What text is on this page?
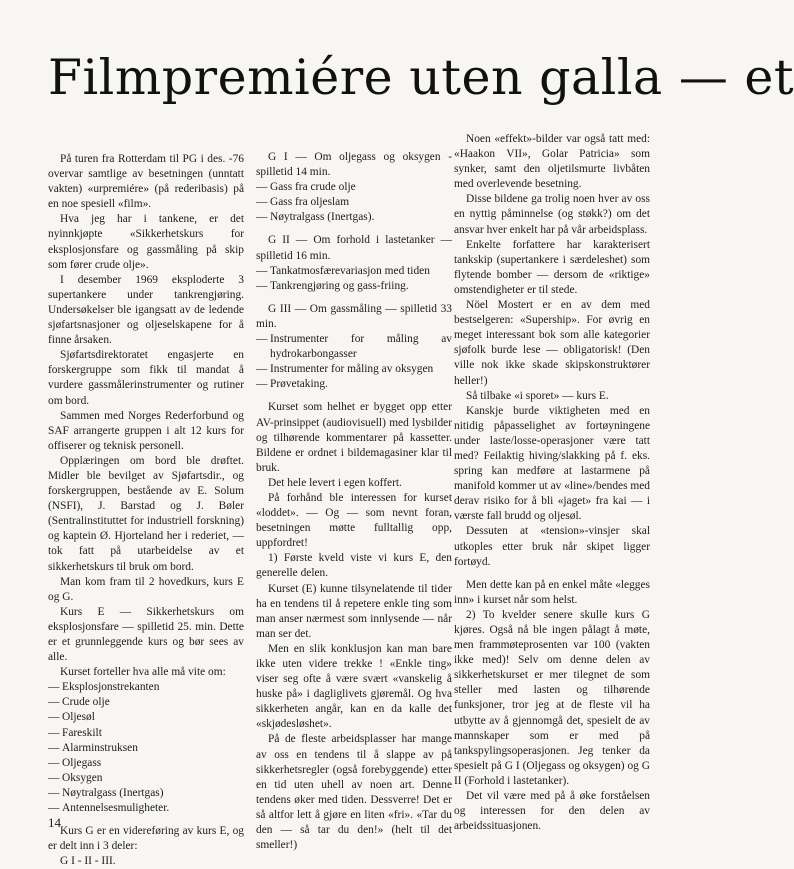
Filmpremiére uten galla — et

På turen fra Rotterdam til PG i des. -76 overvar samtlige av besetningen (unntatt vakten) «urpremiére» (på rederibasis) på en noe spesiell «film».

Hva jeg har i tankene, er det nyinnkjøpte «Sikkerhetskurs for eksplosjonsfare og gassmåling på skip som fører crude olje».

I desember 1969 eksploderte 3 supertankere under tankrengjøring. Undersøkelser ble igangsatt av de ledende sjøfartsnasjoner og oljeselskapene for å finne årsaken.

Sjøfartsdirektoratet engasjerte en forskergruppe som fikk til mandat å vurdere gassmålerinstrumenter og rutiner om bord.

Sammen med Norges Rederforbund og SAF arrangerte gruppen i alt 12 kurs for offiserer og teknisk personell.

Opplæringen om bord ble drøftet. Midler ble bevilget av Sjøfartsdir., og forskergruppen, bestående av E. Solum (NSFI), J. Barstad og J. Bøler (Sentralinstituttet for industriell forskning) og kaptein Ø. Hjorteland her i rederiet, — tok fatt på utarbeidelse av et sikkerhetskurs til bruk om bord.

Man kom fram til 2 hovedkurs, kurs E og G.

Kurs E — Sikkerhetskurs om eksplosjonsfare — spilletid 25. min. Dette er et grunnleggende kurs og bør sees av alle.

Kurset forteller hva alle må vite om:

— Eksplosjonstrekanten
— Crude olje
— Oljesøl
— Fareskilt
— Alarminstruksen
— Oljegass
— Oksygen
— Nøytralgass (Inertgas)
— Antennelsesmuligheter.

Kurs G er en videreføring av kurs E, og er delt inn i 3 deler:

G I - II - III.

G I — Om oljegass og oksygen - spilletid 14 min.

— Gass fra crude olje
— Gass fra oljeslam
— Nøytralgass (Inertgas).

G II — Om forhold i lastetanker — spilletid 16 min.

— Tankatmosfærevariasjon med tiden
— Tankrengjøring og gass-friing.

G III — Om gassmåling — spilletid 33 min.

— Instrumenter for måling av hydrokarbongasser
— Instrumenter for måling av oksygen
— Prøvetaking.

Kurset som helhet er bygget opp etter AV-prinsippet (audiovisuell) med lysbilder og tilhørende kommentarer på kassetter. Bildene er ordnet i bildemagasiner klar til bruk.

Det hele levert i egen koffert.

På forhånd ble interessen for kurset «loddet». — Og — som nevnt foran, besetningen møtte fulltallig opp, uppfordret!

1) Første kveld viste vi kurs E, den generelle delen.

Kurset (E) kunne tilsynelatende til tider ha en tendens til å repetere enkle ting som man anser nærmest som innlysende — når man ser det.

Men en slik konklusjon kan man bare ikke uten videre trekke ! «Enkle ting» viser seg ofte å være svært «vanskelig å huske på» i dagliglivets gjøremål. Og hva sikkerheten angår, kan en da kalle det «skjødesløshet».

På de fleste arbeidsplasser har mange av oss en tendens til å slappe av på sikkerhetsregler (også forebyggende) etter en tid uten uhell av noen art. Denne tendens øker med tiden. Dessverre! Det er så altfor lett å gjøre en liten «fri». «Tar du den — så tar du den!» (helt til det smeller!)

Noen «effekt»-bilder var også tatt med: «Haakon VII», Golar Patricia» som synker, samt den oljetilsmurte livbåten med overlevende besetning.

Disse bildene ga trolig noen hver av oss en nyttig påminnelse (og støkk?) om det ansvar hver enkelt har på vår arbeidsplass.

Enkelte forfattere har karakterisert tankskip (supertankere i særdeleshet) som flytende bomber — dersom de «riktige» omstendigheter er til stede.

Nöel Mostert er en av dem med bestselgeren: «Supership». For øvrig en meget interessant bok som alle kategorier sjøfolk burde lese — obligatorisk! (Den ville nok ikke skade skipskonstruktører heller!)

Så tilbake «i sporet» — kurs E.

Kanskje burde viktigheten med en nitidig påpasselighet av fortøyningene under laste/losse-operasjoner være tatt med? Feilaktig hiving/slakking på f. eks. spring kan medføre at lastarmene på manifold kommer ut av «line»/bendes med derav risiko for å bli «jaget» fra kai — i værste fall brudd og oljesøl.

Dessuten at «tension»-vinsjer skal utkoples etter bruk når skipet ligger fortøyd.

Men dette kan på en enkel måte «legges inn» i kurset når som helst.

2) To kvelder senere skulle kurs G kjøres. Også nå ble ingen pålagt å møte, men frammøteprosenten var 100 (vakten ikke med)! Selv om denne delen av sikkerhetskurset er mer tilegnet de som steller med lasten og tilhørende funksjoner, tror jeg at de fleste vil ha utbytte av å gjennomgå det, spesielt de av mannskaper som er med på tankspylingsoperasjonen. Jeg tenker da spesielt på G I (Oljegass og oksygen) og G II (Forhold i lastetanker).

Det vil være med på å øke forståelsen og interessen for den delen av arbeidssituasjonen.

14
